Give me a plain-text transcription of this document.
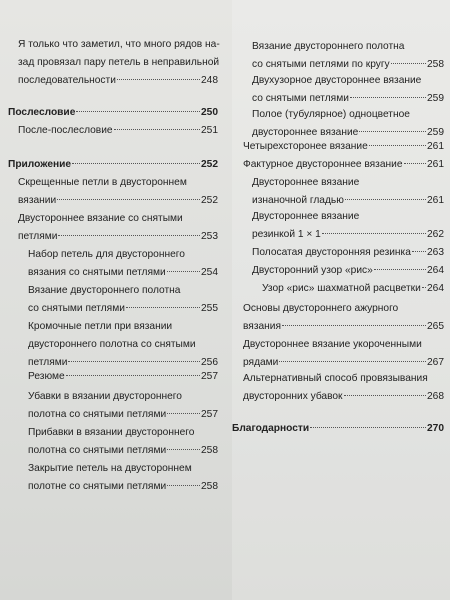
Я только что заметил, что много рядов на-
зад провязал пару петель в неправильной
последовательности	248
Послесловие	250
После-послесловие	251
Приложение	252
Скрещенные петли в двустороннем
вязании	252
Двустороннее вязание со снятыми
петлями	253
Набор петель для двустороннего
вязания со снятыми петлями	254
Вязание двустороннего полотна
со снятыми петлями	255
Кромочные петли при вязании
двустороннего полотна со снятыми
петлями	256
Резюме	257
Убавки в вязании двустороннего
полотна со снятыми петлями	257
Прибавки в вязании двустороннего
полотна со снятыми петлями	258
Закрытие петель на двустороннем
полотне со снятыми петлями	258
Вязание двустороннего полотна
со снятыми петлями по кругу	258
Двухузорное двустороннее вязание
со снятыми петлями	259
Полое (тубулярное) одноцветное
двустороннее вязание	259
Четырехсторонее вязание	261
Фактурное двустороннее вязание 261
Двустороннее вязание
изнаночной гладью	261
Двустороннее вязание
резинкой 1 × 1	262
Полосатая двусторонняя резинка 263
Двусторонний узор «рис»	264
Узор «рис» шахматной расцветки 264
Основы двустороннего ажурного
вязания	265
Двустороннее вязание укороченными
рядами	267
Альтернативный способ провязывания
двусторонних убавок	268
Благодарности	270
